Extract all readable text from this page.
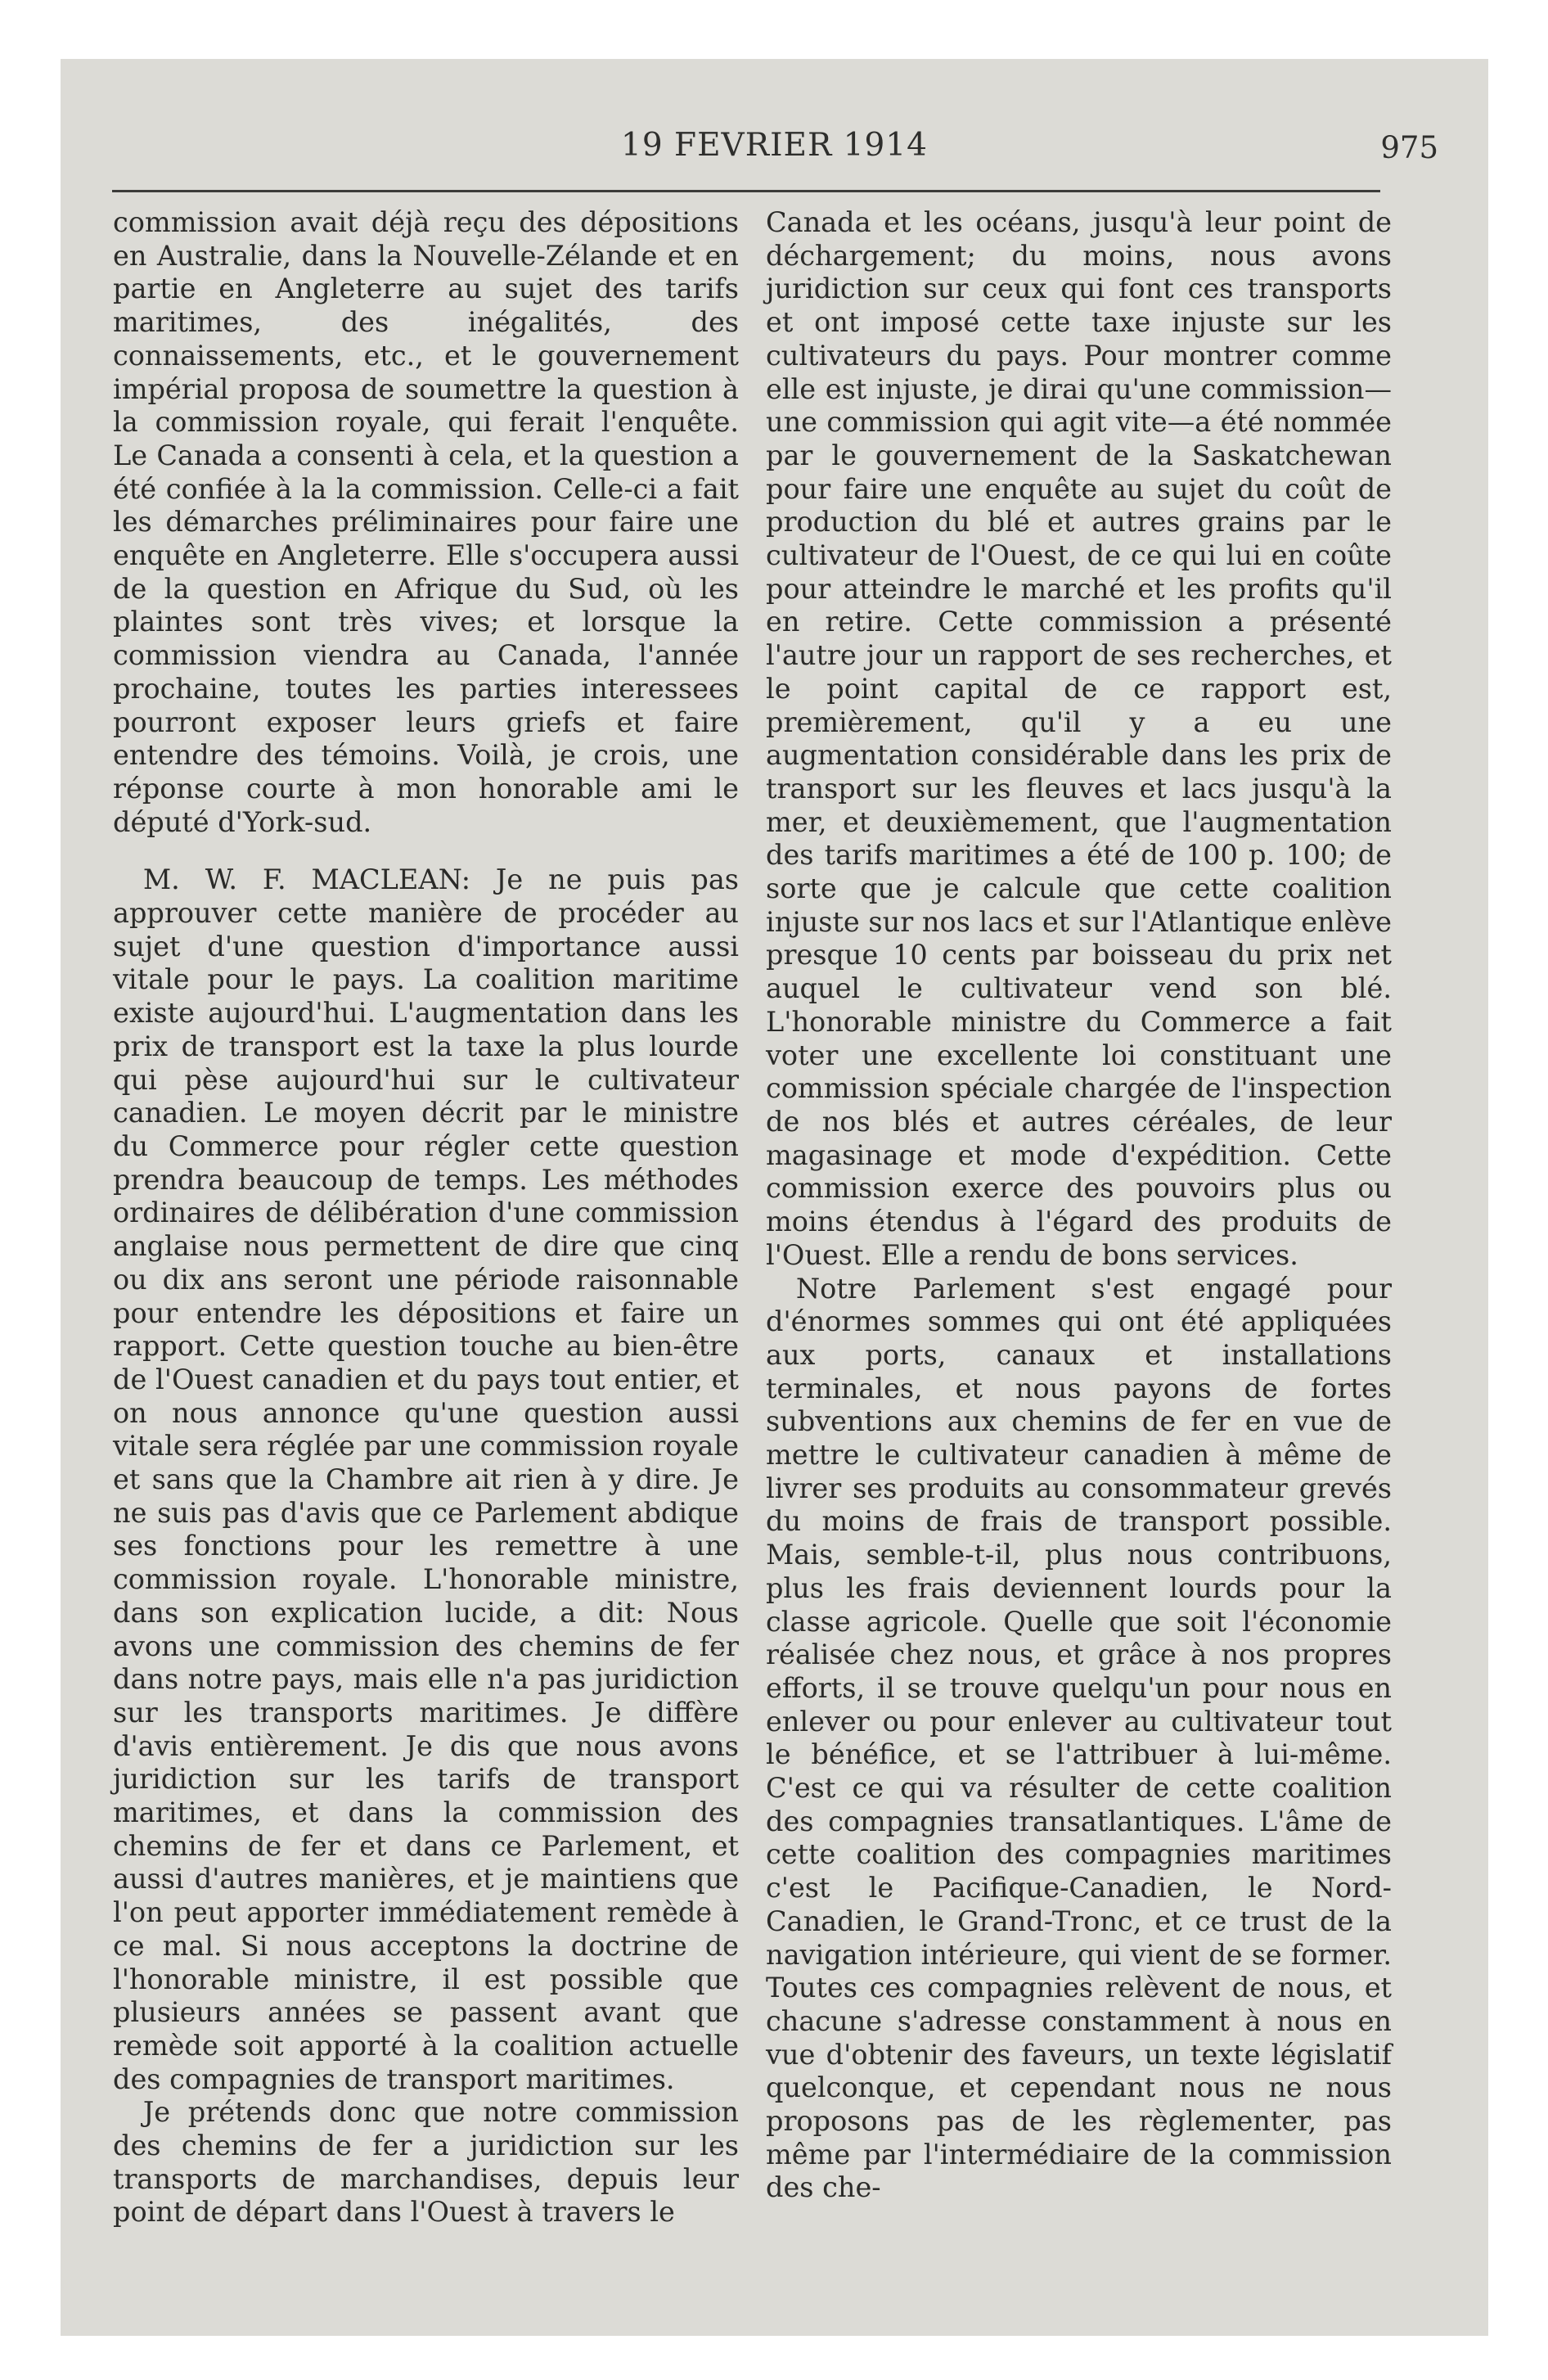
19 FEVRIER 1914	975

commission avait déjà reçu des dépositions en Australie, dans la Nouvelle-Zélande et en partie en Angleterre au sujet des tarifs maritimes, des inégalités, des connaissements, etc., et le gouvernement impérial proposa de soumettre la question à la commission royale, qui ferait l'enquête. Le Canada a consenti à cela, et la question a été confiée à la la commission. Celle-ci a fait les démarches préliminaires pour faire une enquête en Angleterre. Elle s'occupera aussi de la question en Afrique du Sud, où les plaintes sont très vives; et lorsque la commission viendra au Canada, l'année prochaine, toutes les parties interessees pourront exposer leurs griefs et faire entendre des témoins. Voilà, je crois, une réponse courte à mon honorable ami le député d'York-sud.

M. W. F. MACLEAN: Je ne puis pas approuver cette manière de procéder au sujet d'une question d'importance aussi vitale pour le pays. La coalition maritime existe aujourd'hui. L'augmentation dans les prix de transport est la taxe la plus lourde qui pèse aujourd'hui sur le cultivateur canadien. Le moyen décrit par le ministre du Commerce pour régler cette question prendra beaucoup de temps. Les méthodes ordinaires de délibération d'une commission anglaise nous permettent de dire que cinq ou dix ans seront une période raisonnable pour entendre les dépositions et faire un rapport. Cette question touche au bien-être de l'Ouest canadien et du pays tout entier, et on nous annonce qu'une question aussi vitale sera réglée par une commission royale et sans que la Chambre ait rien à y dire. Je ne suis pas d'avis que ce Parlement abdique ses fonctions pour les remettre à une commission royale. L'honorable ministre, dans son explication lucide, a dit: Nous avons une commission des chemins de fer dans notre pays, mais elle n'a pas juridiction sur les transports maritimes. Je diffère d'avis entièrement. Je dis que nous avons juridiction sur les tarifs de transport maritimes, et dans la commission des chemins de fer et dans ce Parlement, et aussi d'autres manières, et je maintiens que l'on peut apporter immédiatement remède à ce mal. Si nous acceptons la doctrine de l'honorable ministre, il est possible que plusieurs années se passent avant que remède soit apporté à la coalition actuelle des compagnies de transport maritimes.

Je prétends donc que notre commission des chemins de fer a juridiction sur les transports de marchandises, depuis leur point de départ dans l'Ouest à travers le

Canada et les océans, jusqu'à leur point de déchargement; du moins, nous avons juridiction sur ceux qui font ces transports et ont imposé cette taxe injuste sur les cultivateurs du pays. Pour montrer comme elle est injuste, je dirai qu'une commission—une commission qui agit vite—a été nommée par le gouvernement de la Saskatchewan pour faire une enquête au sujet du coût de production du blé et autres grains par le cultivateur de l'Ouest, de ce qui lui en coûte pour atteindre le marché et les profits qu'il en retire. Cette commission a présenté l'autre jour un rapport de ses recherches, et le point capital de ce rapport est, premièrement, qu'il y a eu une augmentation considérable dans les prix de transport sur les fleuves et lacs jusqu'à la mer, et deuxièmement, que l'augmentation des tarifs maritimes a été de 100 p. 100; de sorte que je calcule que cette coalition injuste sur nos lacs et sur l'Atlantique enlève presque 10 cents par boisseau du prix net auquel le cultivateur vend son blé. L'honorable ministre du Commerce a fait voter une excellente loi constituant une commission spéciale chargée de l'inspection de nos blés et autres céréales, de leur magasinage et mode d'expédition. Cette commission exerce des pouvoirs plus ou moins étendus à l'égard des produits de l'Ouest. Elle a rendu de bons services.

Notre Parlement s'est engagé pour d'énormes sommes qui ont été appliquées aux ports, canaux et installations terminales, et nous payons de fortes subventions aux chemins de fer en vue de mettre le cultivateur canadien à même de livrer ses produits au consommateur grevés du moins de frais de transport possible. Mais, semble-t-il, plus nous contribuons, plus les frais deviennent lourds pour la classe agricole. Quelle que soit l'économie réalisée chez nous, et grâce à nos propres efforts, il se trouve quelqu'un pour nous en enlever ou pour enlever au cultivateur tout le bénéfice, et se l'attribuer à lui-même. C'est ce qui va résulter de cette coalition des compagnies transatlantiques. L'âme de cette coalition des compagnies maritimes c'est le Pacifique-Canadien, le Nord-Canadien, le Grand-Tronc, et ce trust de la navigation intérieure, qui vient de se former. Toutes ces compagnies relèvent de nous, et chacune s'adresse constamment à nous en vue d'obtenir des faveurs, un texte législatif quelconque, et cependant nous ne nous proposons pas de les règlementer, pas même par l'intermédiaire de la commission des che-
